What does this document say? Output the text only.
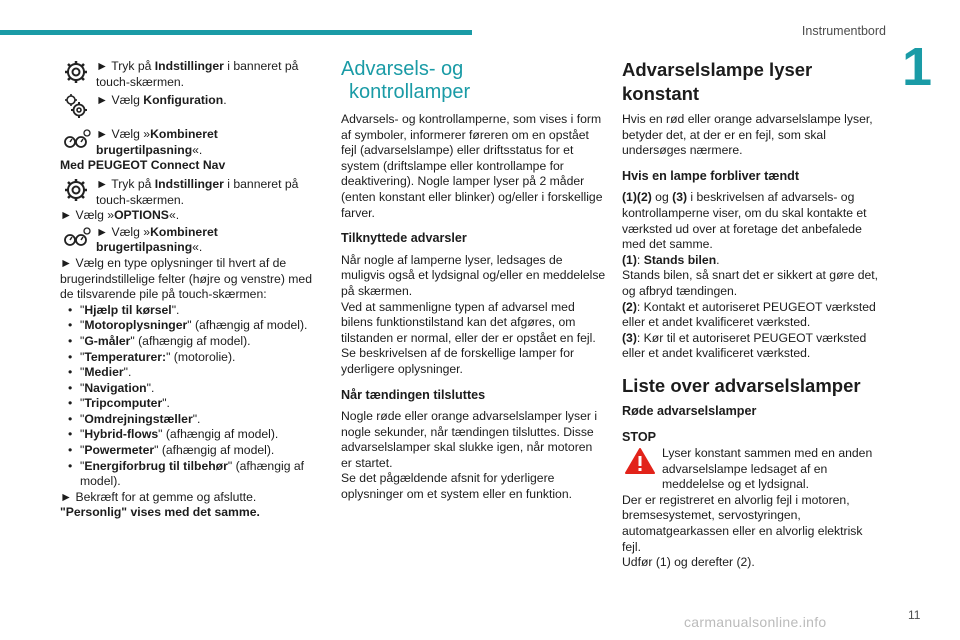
Instrumentbord
1
► Tryk på Indstillinger i banneret på touch-skærmen.
► Vælg Konfiguration.
► Vælg »Kombineret brugertilpasning«.
Med PEUGEOT Connect Nav
► Tryk på Indstillinger i banneret på touch-skærmen.
► Vælg »OPTIONS«.
► Vælg »Kombineret brugertilpasning«.

► Vælg en type oplysninger til hvert af de brugerindstillelige felter (højre og venstre) med de tilsvarende pile på touch-skærmen:

• "Hjælp til kørsel".
• "Motoroplysninger" (afhængig af model).
• "G-måler" (afhængig af model).
• "Temperaturer:" (motorolie).
• "Medier".
• "Navigation".
• "Tripcomputer".
• "Omdrejningstæller".
• "Hybrid-flows" (afhængig af model).
• "Powermeter" (afhængig af model).
• "Energiforbrug til tilbehør" (afhængig af model).

► Bekræft for at gemme og afslutte.

"Personlig" vises med det samme.

Advarsels- og
kontrollamper

Advarsels- og kontrollamperne, som vises i form af symboler, informerer føreren om en opstået fejl (advarselslampe) eller driftsstatus for et system (driftslampe eller kontrollampe for deaktivering). Nogle lamper lyser på 2 måder (enten konstant eller blinker) og/eller i forskellige farver.

Tilknyttede advarsler

Når nogle af lamperne lyser, ledsages de muligvis også et lydsignal og/eller en meddelelse på skærmen.

Ved at sammenligne typen af advarsel med bilens funktionstilstand kan det afgøres, om tilstanden er normal, eller der er opstået en fejl. Se beskrivelsen af de forskellige lamper for yderligere oplysninger.

Når tændingen tilsluttes

Nogle røde eller orange advarselslamper lyser i nogle sekunder, når tændingen tilsluttes. Disse advarselslamper skal slukke igen, når motoren er startet.

Se det pågældende afsnit for yderligere oplysninger om et system eller en funktion.

Advarselslampe lyser konstant

Hvis en rød eller orange advarselslampe lyser, betyder det, at der er en fejl, som skal undersøges nærmere.

Hvis en lampe forbliver tændt

(1)(2) og (3) i beskrivelsen af advarsels- og kontrollamperne viser, om du skal kontakte et værksted ud over at foretage det anbefalede med det samme.

(1): Stands bilen.

Stands bilen, så snart det er sikkert at gøre det, og afbryd tændingen.

(2): Kontakt et autoriseret PEUGEOT værksted eller et andet kvalificeret værksted.

(3): Kør til et autoriseret PEUGEOT værksted eller et andet kvalificeret værksted.

Liste over advarselslamper
Røde advarselslamper
STOP
Lyser konstant sammen med en anden advarselslampe ledsaget af en meddelelse og et lydsignal.

Der er registreret en alvorlig fejl i motoren, bremsesystemet, servostyringen, automatgearkassen eller en alvorlig elektrisk fejl.

Udfør (1) og derefter (2).

carmanualsonline.info	11
